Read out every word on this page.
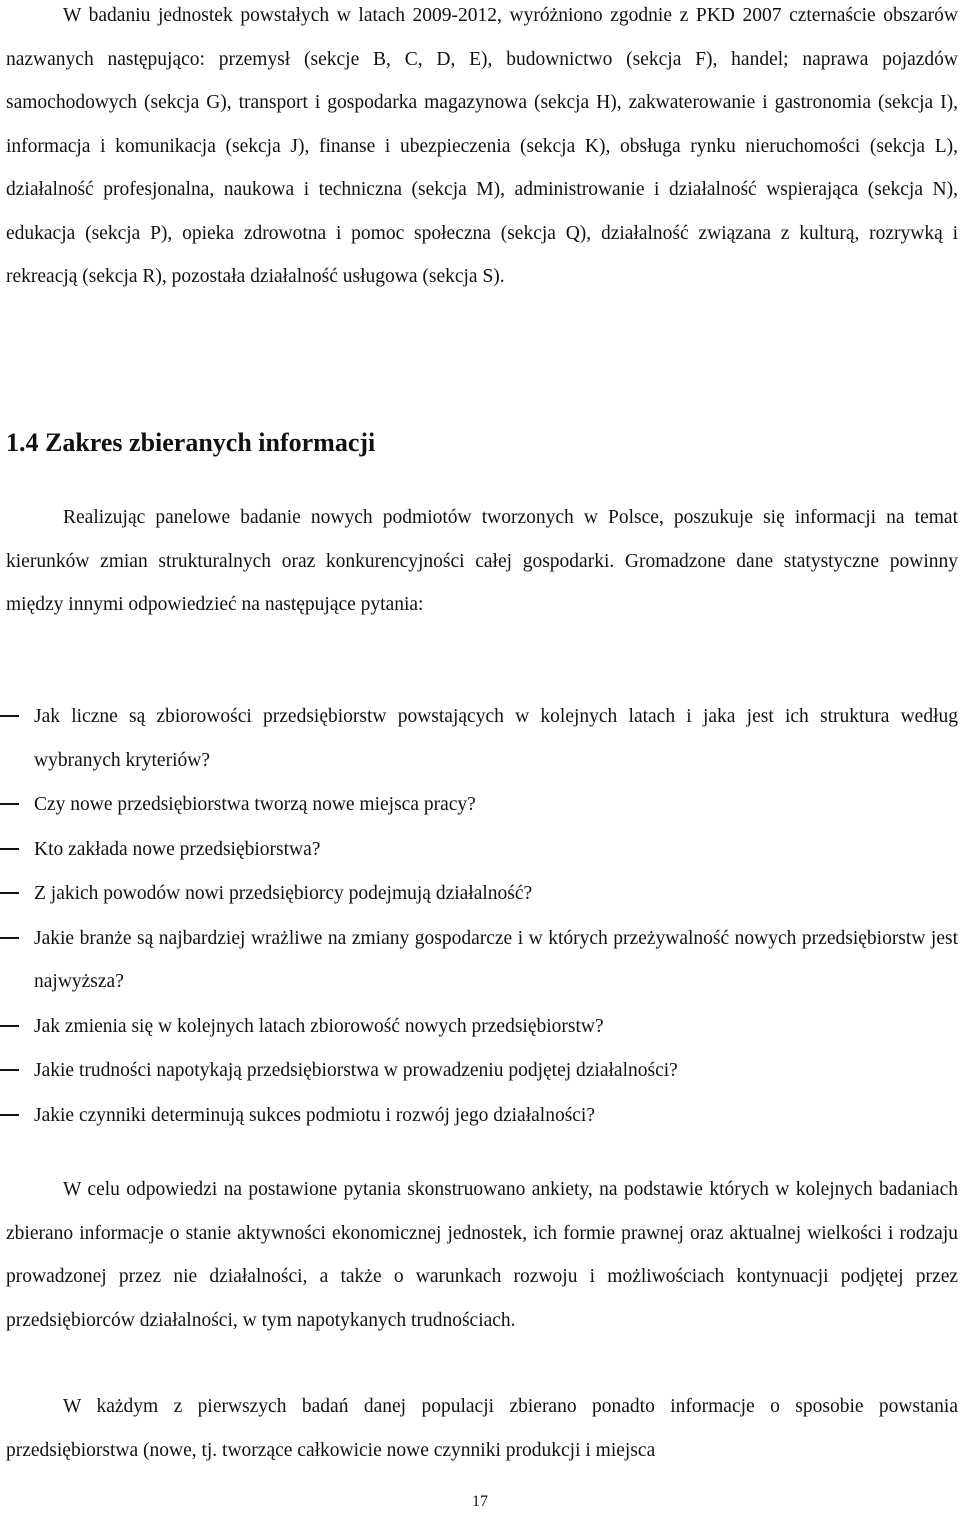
W badaniu jednostek powstałych w latach 2009-2012, wyróżniono zgodnie z PKD 2007 czternaście obszarów nazwanych następująco: przemysł (sekcje B, C, D, E), budownictwo (sekcja F), handel; naprawa pojazdów samochodowych (sekcja G), transport i gospodarka magazynowa (sekcja H), zakwaterowanie i gastronomia (sekcja I), informacja i komunikacja (sekcja J), finanse i ubezpieczenia (sekcja K), obsługa rynku nieruchomości (sekcja L), działalność profesjonalna, naukowa i techniczna (sekcja M), administrowanie i działalność wspierająca (sekcja N), edukacja (sekcja P), opieka zdrowotna i pomoc społeczna (sekcja Q), działalność związana z kulturą, rozrywką i rekreacją (sekcja R), pozostała działalność usługowa (sekcja S).

1.4 Zakres zbieranych informacji

Realizując panelowe badanie nowych podmiotów tworzonych w Polsce, poszukuje się informacji na temat kierunków zmian strukturalnych oraz konkurencyjności całej gospodarki. Gromadzone dane statystyczne powinny między innymi odpowiedzieć na następujące pytania:

Jak liczne są zbiorowości przedsiębiorstw powstających w kolejnych latach i jaka jest ich struktura według wybranych kryteriów?
Czy nowe przedsiębiorstwa tworzą nowe miejsca pracy?
Kto zakłada nowe przedsiębiorstwa?
Z jakich powodów nowi przedsiębiorcy podejmują działalność?
Jakie branże są najbardziej wrażliwe na zmiany gospodarcze i w których przeżywalność nowych przedsiębiorstw jest najwyższa?
Jak zmienia się w kolejnych latach zbiorowość nowych przedsiębiorstw?
Jakie trudności napotykają przedsiębiorstwa w prowadzeniu podjętej działalności?
Jakie czynniki determinują sukces podmiotu i rozwój jego działalności?

W celu odpowiedzi na postawione pytania skonstruowano ankiety, na podstawie których w kolejnych badaniach zbierano informacje o stanie aktywności ekonomicznej jednostek, ich formie prawnej oraz aktualnej wielkości i rodzaju prowadzonej przez nie działalności, a także o warunkach rozwoju i możliwościach kontynuacji podjętej przez przedsiębiorców działalności, w tym napotykanych trudnościach.

W każdym z pierwszych badań danej populacji zbierano ponadto informacje o sposobie powstania przedsiębiorstwa (nowe, tj. tworzące całkowicie nowe czynniki produkcji i miejsca

17
